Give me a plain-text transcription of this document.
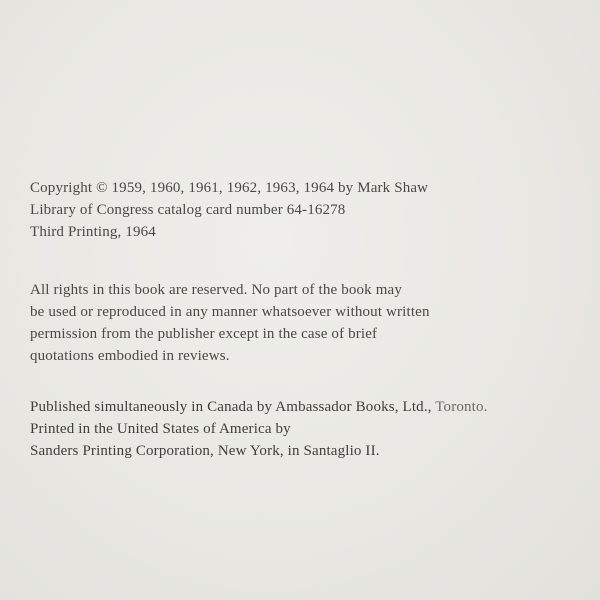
Copyright © 1959, 1960, 1961, 1962, 1963, 1964 by Mark Shaw
Library of Congress catalog card number 64-16278
Third Printing, 1964
All rights in this book are reserved. No part of the book may
be used or reproduced in any manner whatsoever without written
permission from the publisher except in the case of brief
quotations embodied in reviews.
Published simultaneously in Canada by Ambassador Books, Ltd., Toronto.
Printed in the United States of America by
Sanders Printing Corporation, New York, in Santaglio II.
